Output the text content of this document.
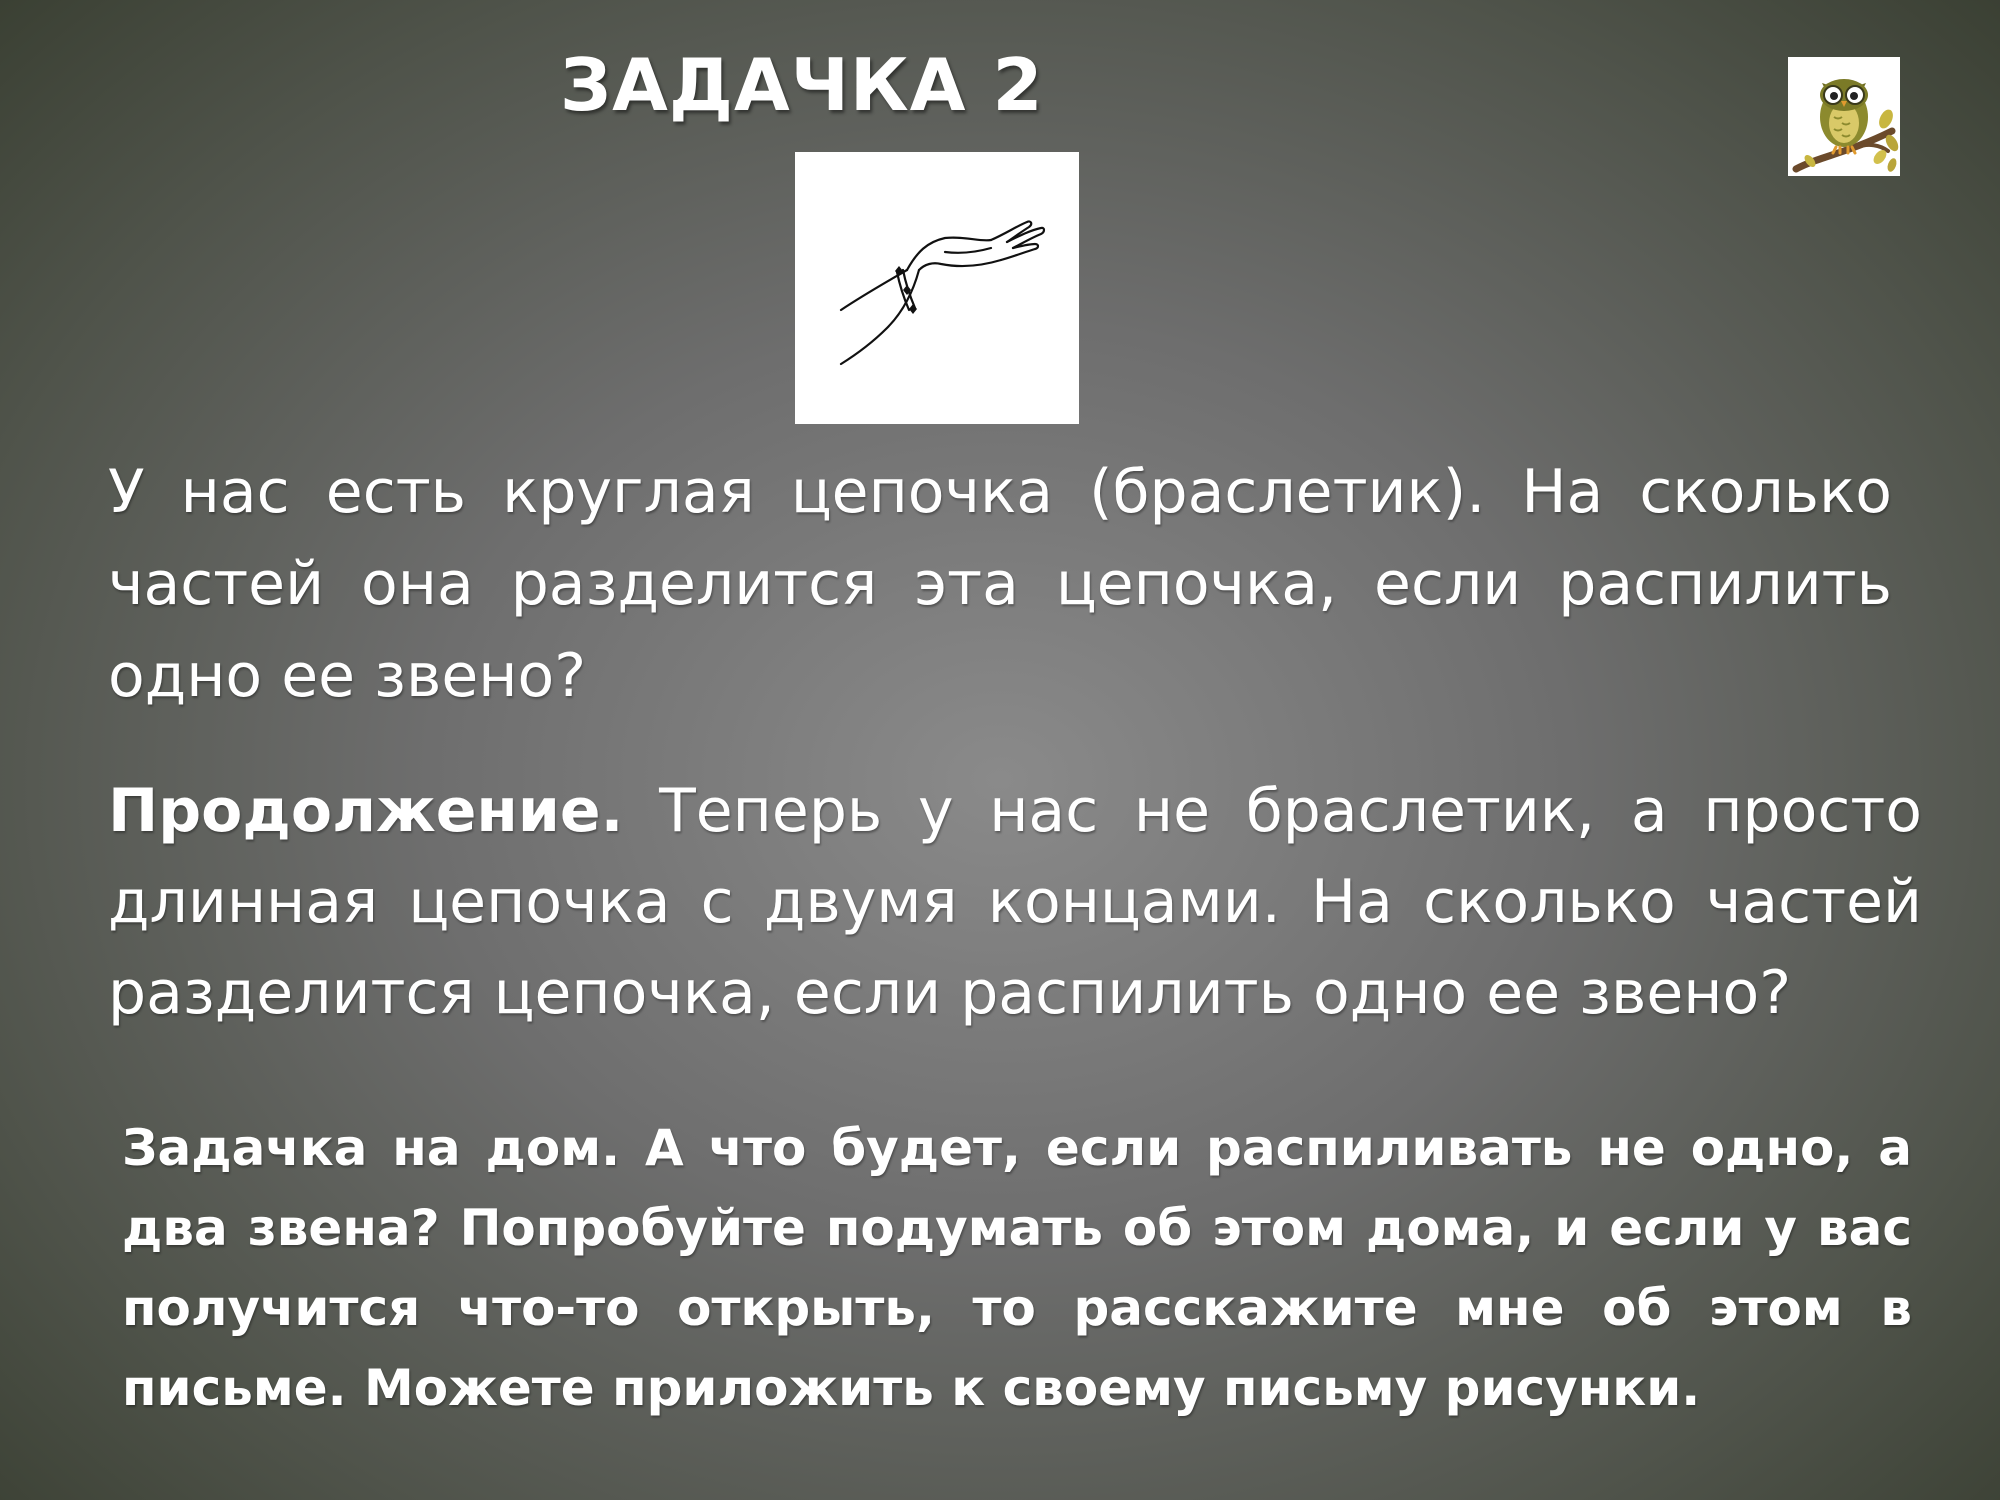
ЗАДАЧКА 2
У нас есть круглая цепочка (браслетик). На сколько частей она разделится эта цепочка, если распилить одно ее звено?
Продолжение. Теперь у нас не браслетик, а просто длинная цепочка с двумя концами. На сколько частей разделится цепочка, если распилить одно ее звено?
Задачка на дом. А что будет, если распиливать не одно, а два звена? Попробуйте подумать об этом дома, и если у вас получится что-то открыть, то расскажите мне об этом в письме. Можете приложить к своему письму рисунки.
